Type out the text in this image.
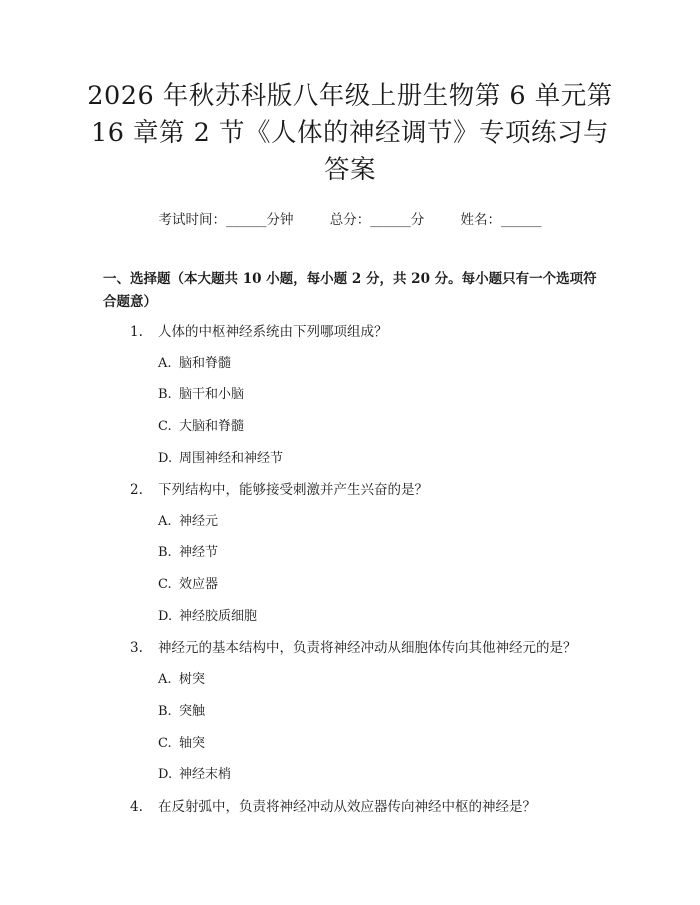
2026 年秋苏科版八年级上册生物第 6 单元第
16 章第 2 节《人体的神经调节》专项练习与
答案
考试时间：______分钟	总分：______分	姓名：______
一、选择题（本大题共 10 小题，每小题 2 分，共 20 分。每小题只有一个选项符合题意）
1. 人体的中枢神经系统由下列哪项组成？
A. 脑和脊髓
B. 脑干和小脑
C. 大脑和脊髓
D. 周围神经和神经节
2. 下列结构中，能够接受刺激并产生兴奋的是？
A. 神经元
B. 神经节
C. 效应器
D. 神经胶质细胞
3. 神经元的基本结构中，负责将神经冲动从细胞体传向其他神经元的是？
A. 树突
B. 突触
C. 轴突
D. 神经末梢
4. 在反射弧中，负责将神经冲动从效应器传向神经中枢的神经是？
